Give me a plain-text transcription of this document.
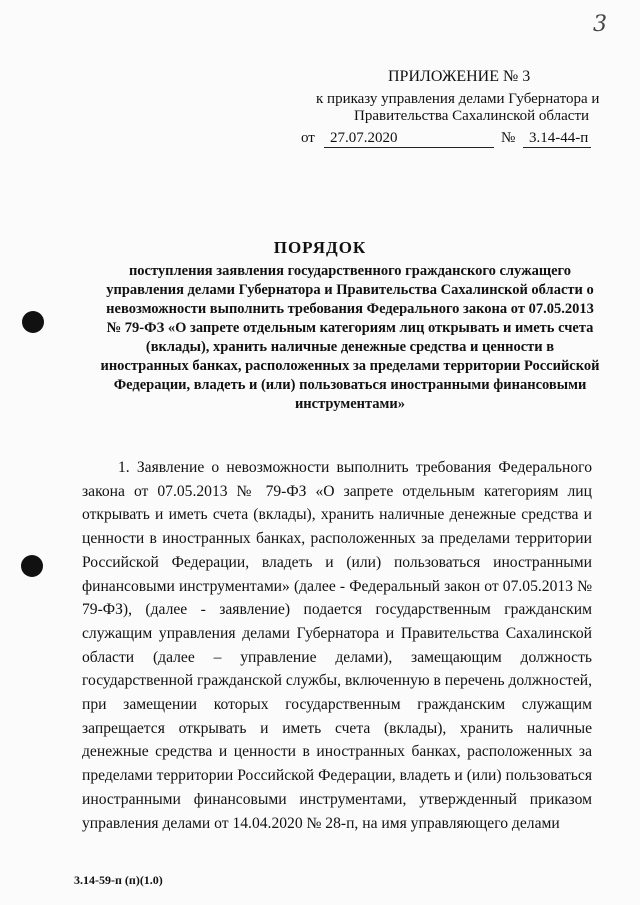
3
ПРИЛОЖЕНИЕ № 3
к приказу управления делами Губернатора и
Правительства Сахалинской области
от	27.07.2020	№ 3.14-44-п
ПОРЯДОК
поступления заявления государственного гражданского служащего управления делами Губернатора и Правительства Сахалинской области о невозможности выполнить требования Федерального закона от 07.05.2013 № 79-ФЗ «О запрете отдельным категориям лиц открывать и иметь счета (вклады), хранить наличные денежные средства и ценности в иностранных банках, расположенных за пределами территории Российской Федерации, владеть и (или) пользоваться иностранными финансовыми инструментами»
1. Заявление о невозможности выполнить требования Федерального закона от 07.05.2013 № 79-ФЗ «О запрете отдельным категориям лиц открывать и иметь счета (вклады), хранить наличные денежные средства и ценности в иностранных банках, расположенных за пределами территории Российской Федерации, владеть и (или) пользоваться иностранными финансовыми инструментами» (далее - Федеральный закон от 07.05.2013 № 79-ФЗ), (далее - заявление) подается государственным гражданским служащим управления делами Губернатора и Правительства Сахалинской области (далее – управление делами), замещающим должность государственной гражданской службы, включенную в перечень должностей, при замещении которых государственным гражданским служащим запрещается открывать и иметь счета (вклады), хранить наличные денежные средства и ценности в иностранных банках, расположенных за пределами территории Российской Федерации, владеть и (или) пользоваться иностранными финансовыми инструментами, утвержденный приказом управления делами от 14.04.2020 № 28-п, на имя управляющего делами
3.14-59-п (п)(1.0)
